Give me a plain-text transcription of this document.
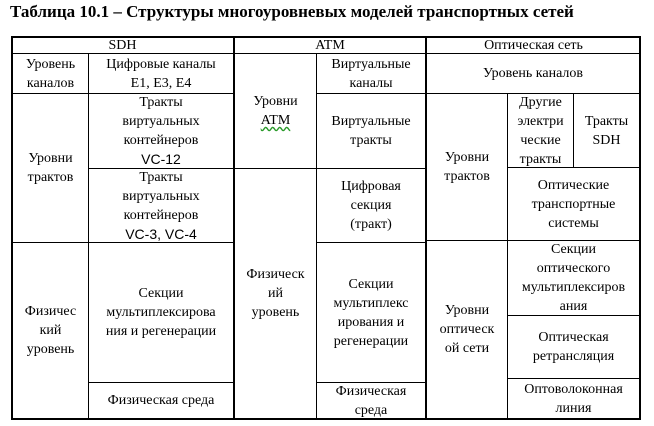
Таблица 10.1 – Структуры многоуровневых моделей транспортных сетей
SDH	ATM	Оптическая сеть
Уровень
каналов
Цифровые каналы
E1, E3, E4
Уровни
трактов
Тракты
виртуальных
контейнеров
VC-12
Тракты
виртуальных
контейнеров
VC-3, VC-4
Физичес
кий
уровень
Секции
мультиплексирова
ния и регенерации
Физическая среда
Уровни
ATM
Виртуальные
каналы
Виртуальные
тракты
Физическ
ий
уровень
Цифровая
секция
(тракт)
Секции
мультиплекс
ирования и
регенерации
Физическая
среда
Уровень каналов
Уровни
трактов
Другие
электри
ческие
тракты
Тракты
SDH
Оптические
транспортные
системы
Уровни
оптическ
ой сети
Секции
оптического
мультиплексиров
ания
Оптическая
ретрансляция
Оптоволоконная
линия
